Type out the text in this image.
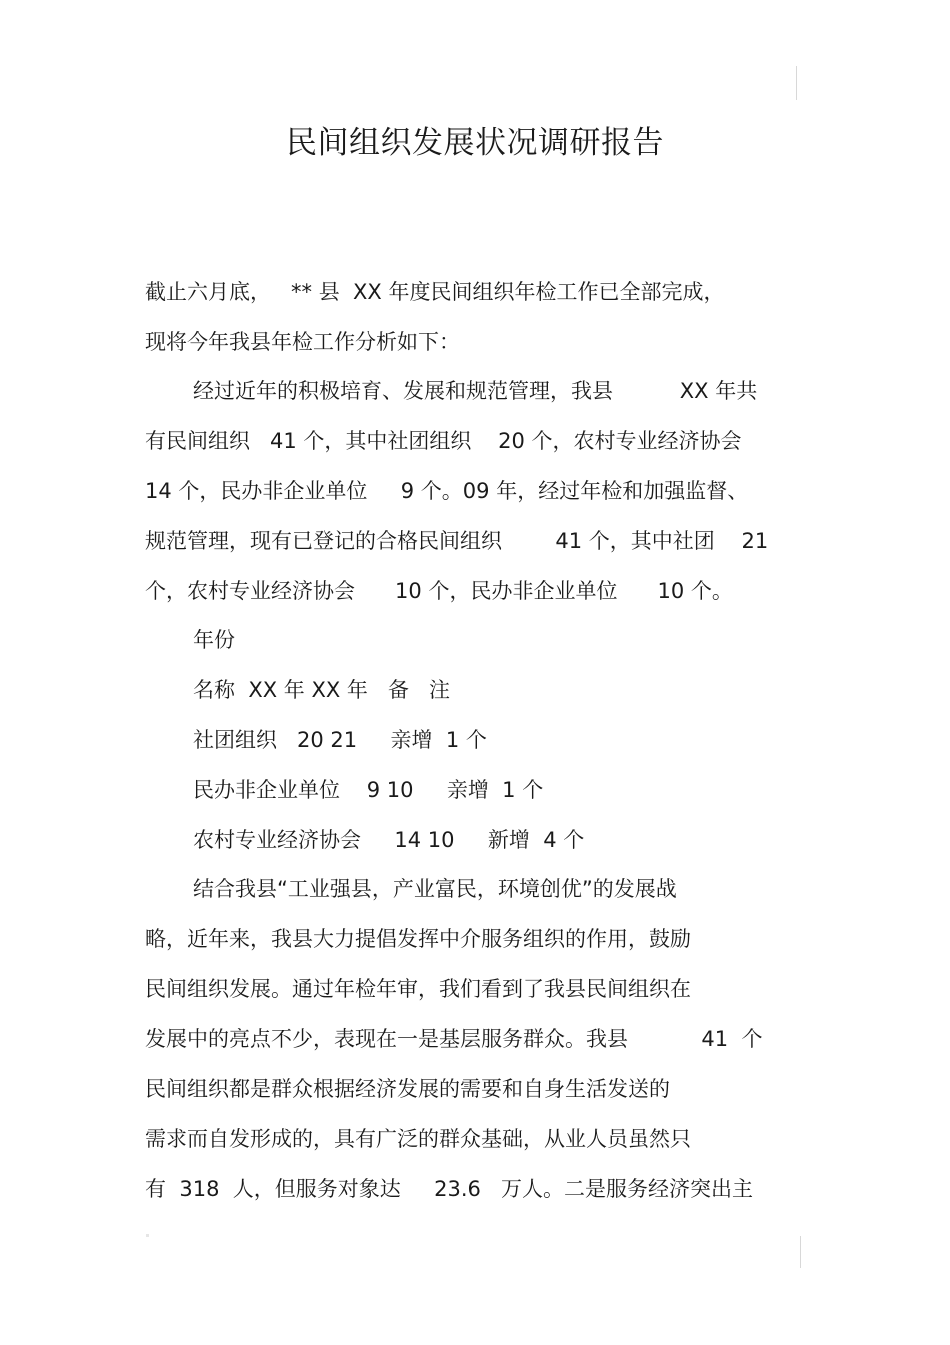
民间组织发展状况调研报告

截止六月底，   ** 县  XX 年度民间组织年检工作已全部完成，

现将今年我县年检工作分析如下：

经过近年的积极培育、发展和规范管理，我县          XX 年共

有民间组织   41 个，其中社团组织    20 个，农村专业经济协会

14 个，民办非企业单位     9 个。09 年，经过年检和加强监督、

规范管理，现有已登记的合格民间组织        41 个，其中社团    21

个，农村专业经济协会      10 个，民办非企业单位      10 个。

年份

名称  XX 年 XX 年   备   注

社团组织   20 21     亲增  1 个

民办非企业单位    9 10     亲增  1 个

农村专业经济协会     14 10     新增  4 个

结合我县“工业强县，产业富民，环境创优”的发展战

略，近年来，我县大力提倡发挥中介服务组织的作用，鼓励

民间组织发展。通过年检年审，我们看到了我县民间组织在

发展中的亮点不少，表现在一是基层服务群众。我县           41  个

民间组织都是群众根据经济发展的需要和自身生活发送的

需求而自发形成的，具有广泛的群众基础，从业人员虽然只

有  318  人，但服务对象达     23.6   万人。二是服务经济突出主
